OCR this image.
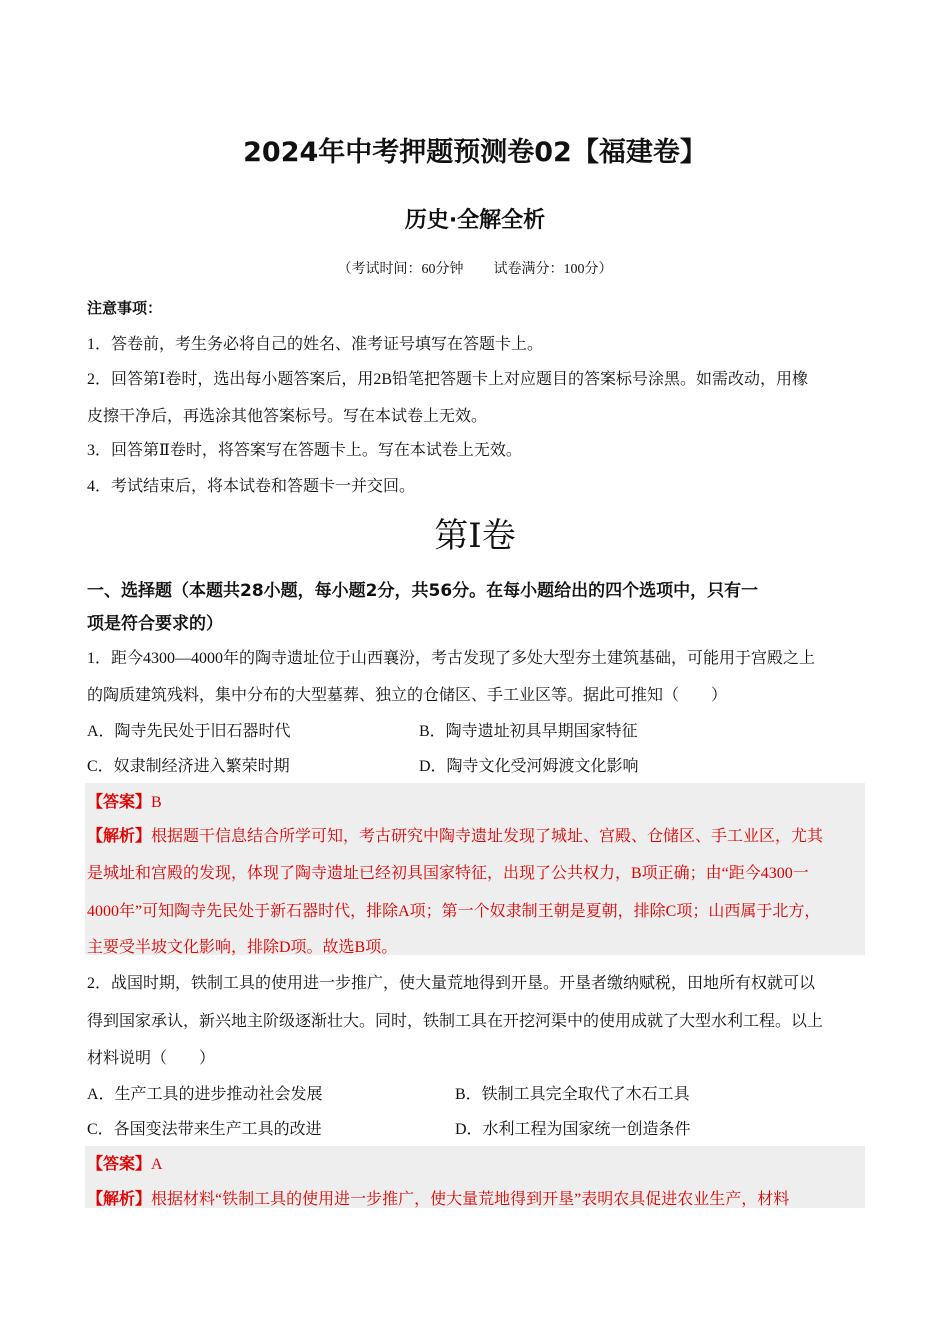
2024年中考押题预测卷02【福建卷】
历史·全解全析
（考试时间：60分钟 试卷满分：100分）
注意事项：
1．答卷前，考生务必将自己的姓名、准考证号填写在答题卡上。
2．回答第Ⅰ卷时，选出每小题答案后，用2B铅笔把答题卡上对应题目的答案标号涂黑。如需改动，用橡
皮擦干净后，再选涂其他答案标号。写在本试卷上无效。
3．回答第Ⅱ卷时，将答案写在答题卡上。写在本试卷上无效。
4．考试结束后，将本试卷和答题卡一并交回。
第Ⅰ卷
一、选择题（本题共28小题，每小题2分，共56分。在每小题给出的四个选项中，只有一
项是符合要求的）
1．距今4300—4000年的陶寺遗址位于山西襄汾，考古发现了多处大型夯土建筑基础，可能用于宫殿之上
的陶质建筑残料，集中分布的大型墓葬、独立的仓储区、手工业区等。据此可推知（　　）
A．陶寺先民处于旧石器时代	B．陶寺遗址初具早期国家特征
C．奴隶制经济进入繁荣时期	D．陶寺文化受河姆渡文化影响
【答案】B
【解析】根据题干信息结合所学可知，考古研究中陶寺遗址发现了城址、宫殿、仓储区、手工业区，尤其
是城址和宫殿的发现，体现了陶寺遗址已经初具国家特征，出现了公共权力，B项正确；由“距今4300一
4000年”可知陶寺先民处于新石器时代，排除A项；第一个奴隶制王朝是夏朝，排除C项；山西属于北方，
主要受半坡文化影响，排除D项。故选B项。
2．战国时期，铁制工具的使用进一步推广，使大量荒地得到开垦。开垦者缴纳赋税，田地所有权就可以
得到国家承认，新兴地主阶级逐渐壮大。同时，铁制工具在开挖河渠中的使用成就了大型水利工程。以上
材料说明（　　）
A．生产工具的进步推动社会发展	B．铁制工具完全取代了木石工具
C．各国变法带来生产工具的改进	D．水利工程为国家统一创造条件
【答案】A
【解析】根据材料“铁制工具的使用进一步推广，使大量荒地得到开垦”表明农具促进农业生产，材料
